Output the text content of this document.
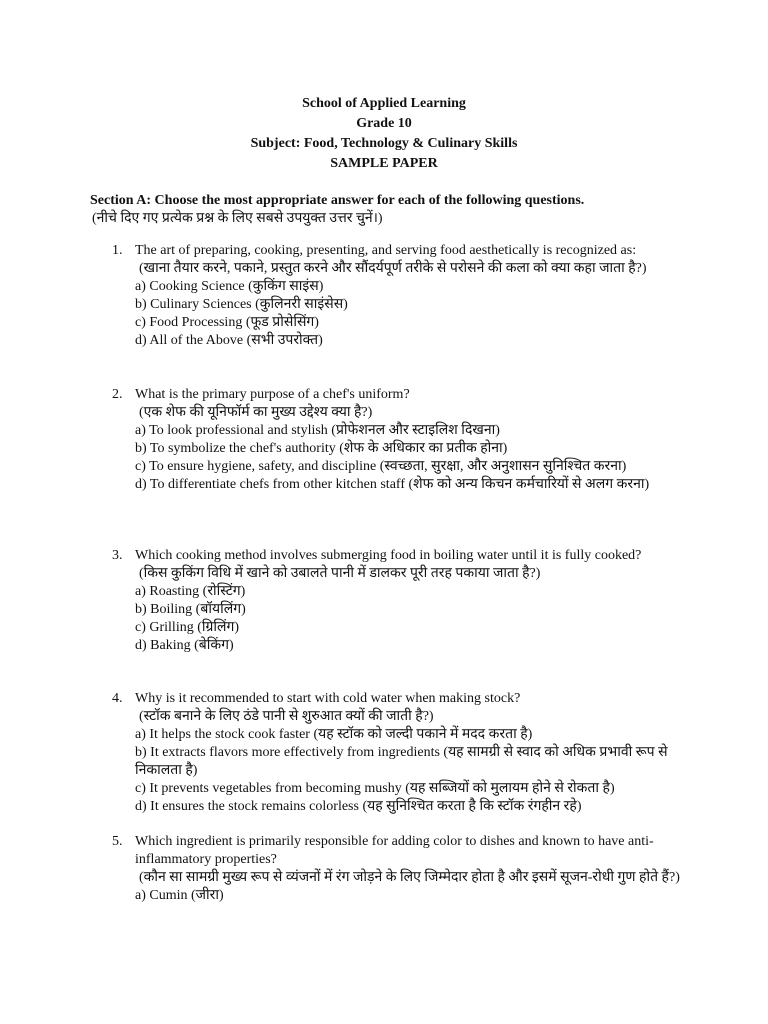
School of Applied Learning
Grade 10
Subject: Food, Technology & Culinary Skills
SAMPLE PAPER
Section A: Choose the most appropriate answer for each of the following questions.
(नीचे दिए गए प्रत्येक प्रश्न के लिए सबसे उपयुक्त उत्तर चुनें।)
1. The art of preparing, cooking, presenting, and serving food aesthetically is recognized as:
(खाना तैयार करने, पकाने, प्रस्तुत करने और सौंदर्यपूर्ण तरीके से परोसने की कला को क्या कहा जाता है?)
a) Cooking Science (कुकिंग साइंस)
b) Culinary Sciences (कुलिनरी साइंसेस)
c) Food Processing (फूड प्रोसेसिंग)
d) All of the Above (सभी उपरोक्त)
2. What is the primary purpose of a chef's uniform?
(एक शेफ की यूनिफॉर्म का मुख्य उद्देश्य क्या है?)
a) To look professional and stylish (प्रोफेशनल और स्टाइलिश दिखना)
b) To symbolize the chef's authority (शेफ के अधिकार का प्रतीक होना)
c) To ensure hygiene, safety, and discipline (स्वच्छता, सुरक्षा, और अनुशासन सुनिश्चित करना)
d) To differentiate chefs from other kitchen staff (शेफ को अन्य किचन कर्मचारियों से अलग करना)
3. Which cooking method involves submerging food in boiling water until it is fully cooked?
(किस कुकिंग विधि में खाने को उबालते पानी में डालकर पूरी तरह पकाया जाता है?)
a) Roasting (रोस्टिंग)
b) Boiling (बॉयलिंग)
c) Grilling (ग्रिलिंग)
d) Baking (बेकिंग)
4. Why is it recommended to start with cold water when making stock?
(स्टॉक बनाने के लिए ठंडे पानी से शुरुआत क्यों की जाती है?)
a) It helps the stock cook faster (यह स्टॉक को जल्दी पकाने में मदद करता है)
b) It extracts flavors more effectively from ingredients (यह सामग्री से स्वाद को अधिक प्रभावी रूप से निकालता है)
c) It prevents vegetables from becoming mushy (यह सब्जियों को मुलायम होने से रोकता है)
d) It ensures the stock remains colorless (यह सुनिश्चित करता है कि स्टॉक रंगहीन रहे)
5. Which ingredient is primarily responsible for adding color to dishes and known to have anti-inflammatory properties?
(कौन सा सामग्री मुख्य रूप से व्यंजनों में रंग जोड़ने के लिए जिम्मेदार होता है और इसमें सूजन-रोधी गुण होते हैं?)
a) Cumin (जीरा)
